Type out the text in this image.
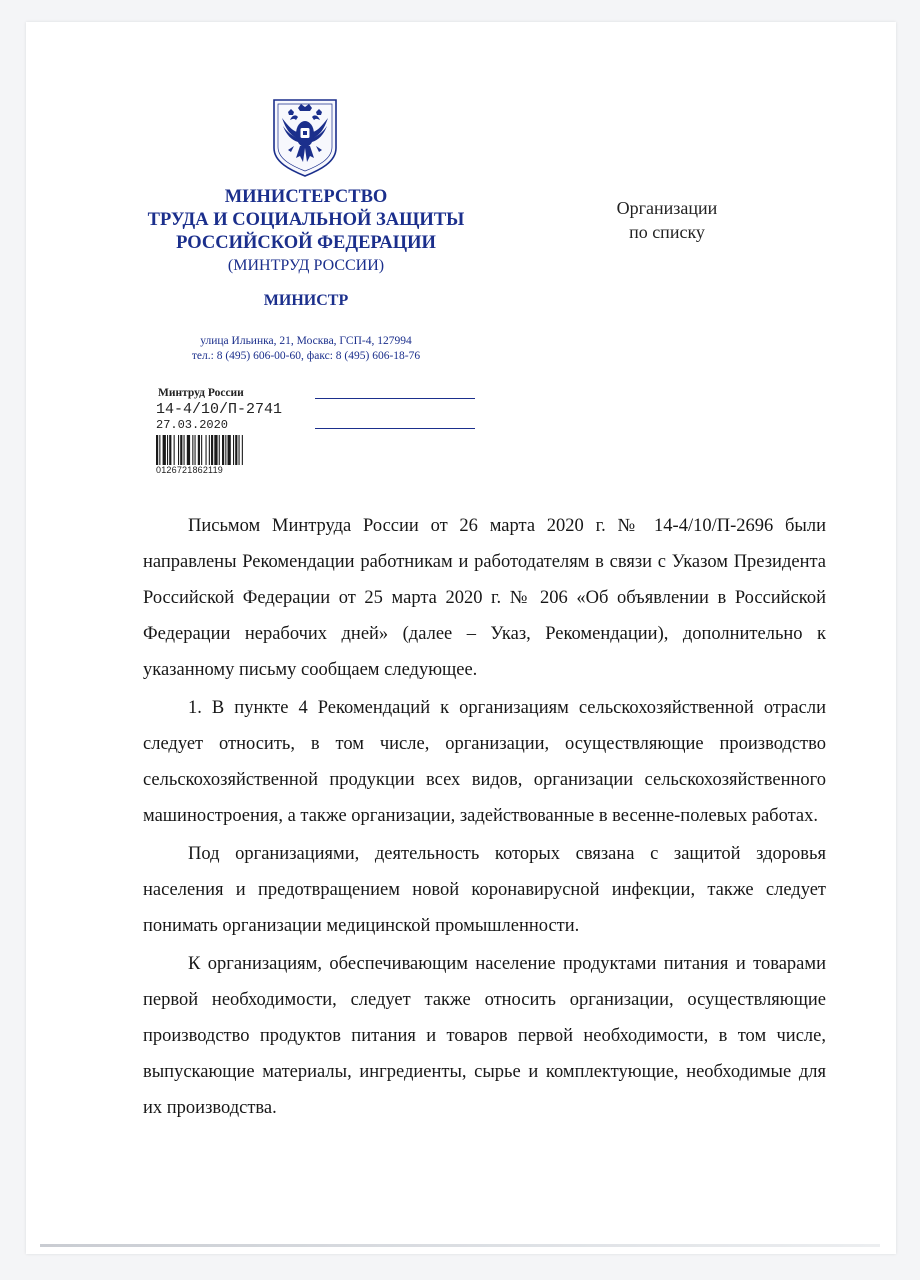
МИНИСТЕРСТВО
ТРУДА И СОЦИАЛЬНОЙ ЗАЩИТЫ
РОССИЙСКОЙ ФЕДЕРАЦИИ
(МИНТРУД РОССИИ)
МИНИСТР
улица Ильинка, 21, Москва, ГСП-4, 127994
тел.: 8 (495) 606-00-60, факс: 8 (495) 606-18-76
Организации
по списку
Минтруд России
14-4/10/П-2741
27.03.2020
0126721862119

Письмом Минтруда России от 26 марта 2020 г. № 14-4/10/П-2696 были направлены Рекомендации работникам и работодателям в связи с Указом Президента Российской Федерации от 25 марта 2020 г. № 206 «Об объявлении в Российской Федерации нерабочих дней» (далее – Указ, Рекомендации), дополнительно к указанному письму сообщаем следующее.

1. В пункте 4 Рекомендаций к организациям сельскохозяйственной отрасли следует относить, в том числе, организации, осуществляющие производство сельскохозяйственной продукции всех видов, организации сельскохозяйственного машиностроения, а также организации, задействованные в весенне-полевых работах.

Под организациями, деятельность которых связана с защитой здоровья населения и предотвращением новой коронавирусной инфекции, также следует понимать организации медицинской промышленности.

К организациям, обеспечивающим население продуктами питания и товарами первой необходимости, следует также относить организации, осуществляющие производство продуктов питания и товаров первой необходимости, в том числе, выпускающие материалы, ингредиенты, сырье и комплектующие, необходимые для их производства.
